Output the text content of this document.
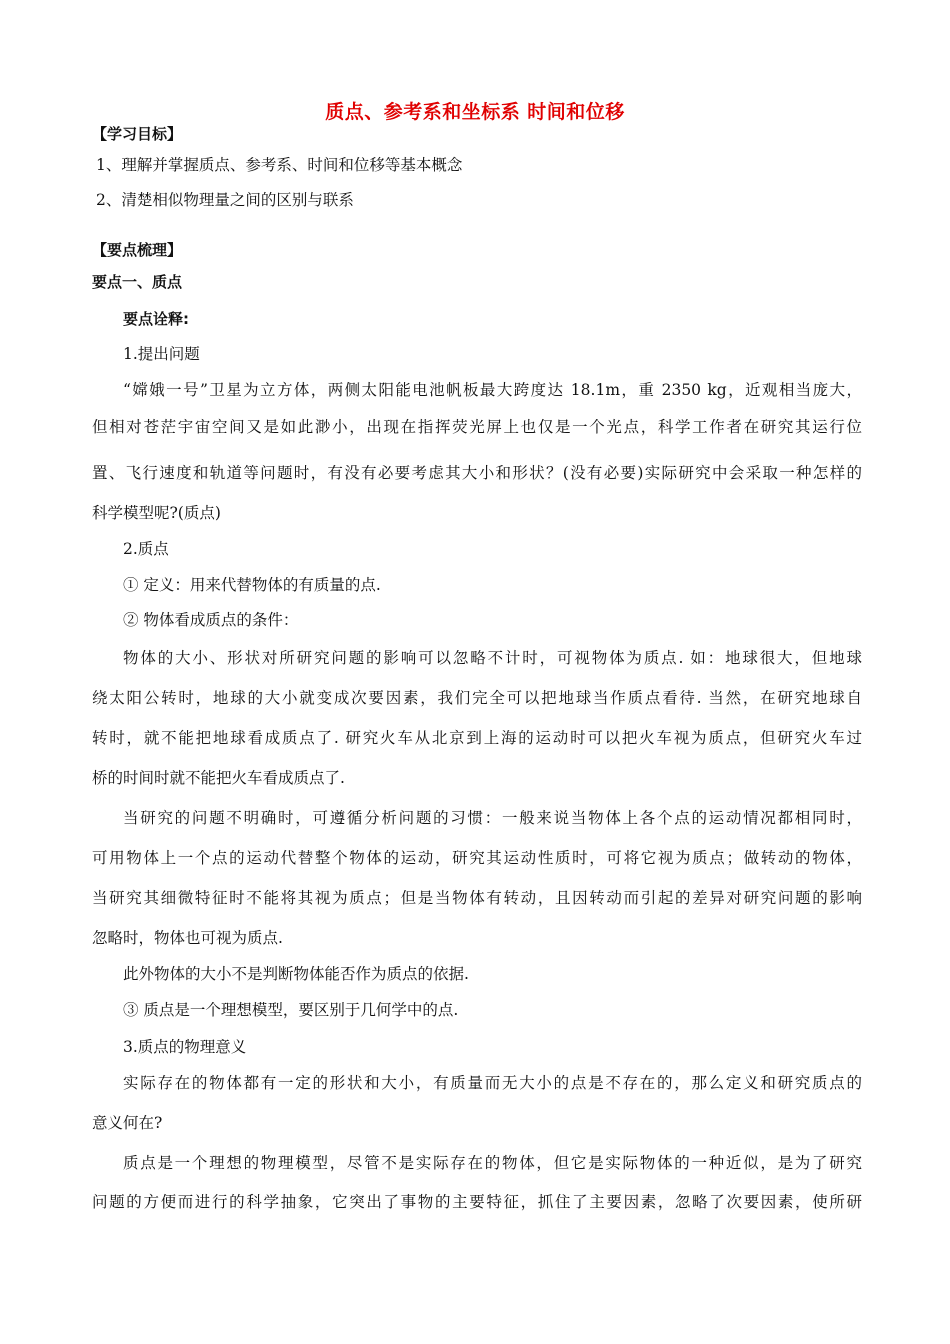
质点、参考系和坐标系 时间和位移
【学习目标】
1、理解并掌握质点、参考系、时间和位移等基本概念
2、清楚相似物理量之间的区别与联系
【要点梳理】
要点一、质点
要点诠释:
1.提出问题
“嫦娥一号”卫星为立方体，两侧太阳能电池帆板最大跨度达 18.1m，重 2350 kg，近观相当庞大，
但相对苍茫宇宙空间又是如此渺小，出现在指挥荧光屏上也仅是一个光点，科学工作者在研究其运行位
置、飞行速度和轨道等问题时，有没有必要考虑其大小和形状？(没有必要)实际研究中会采取一种怎样的
科学模型呢?(质点)
2.质点
① 定义：用来代替物体的有质量的点.
② 物体看成质点的条件：
物体的大小、形状对所研究问题的影响可以忽略不计时，可视物体为质点. 如：地球很大，但地球
绕太阳公转时，地球的大小就变成次要因素，我们完全可以把地球当作质点看待. 当然，在研究地球自
转时，就不能把地球看成质点了. 研究火车从北京到上海的运动时可以把火车视为质点，但研究火车过
桥的时间时就不能把火车看成质点了.
当研究的问题不明确时，可遵循分析问题的习惯：一般来说当物体上各个点的运动情况都相同时，
可用物体上一个点的运动代替整个物体的运动，研究其运动性质时，可将它视为质点；做转动的物体，
当研究其细微特征时不能将其视为质点；但是当物体有转动，且因转动而引起的差异对研究问题的影响
忽略时，物体也可视为质点.
此外物体的大小不是判断物体能否作为质点的依据.
③ 质点是一个理想模型，要区别于几何学中的点.
3.质点的物理意义
实际存在的物体都有一定的形状和大小，有质量而无大小的点是不存在的，那么定义和研究质点的
意义何在?
质点是一个理想的物理模型，尽管不是实际存在的物体，但它是实际物体的一种近似，是为了研究
问题的方便而进行的科学抽象，它突出了事物的主要特征，抓住了主要因素，忽略了次要因素，使所研
